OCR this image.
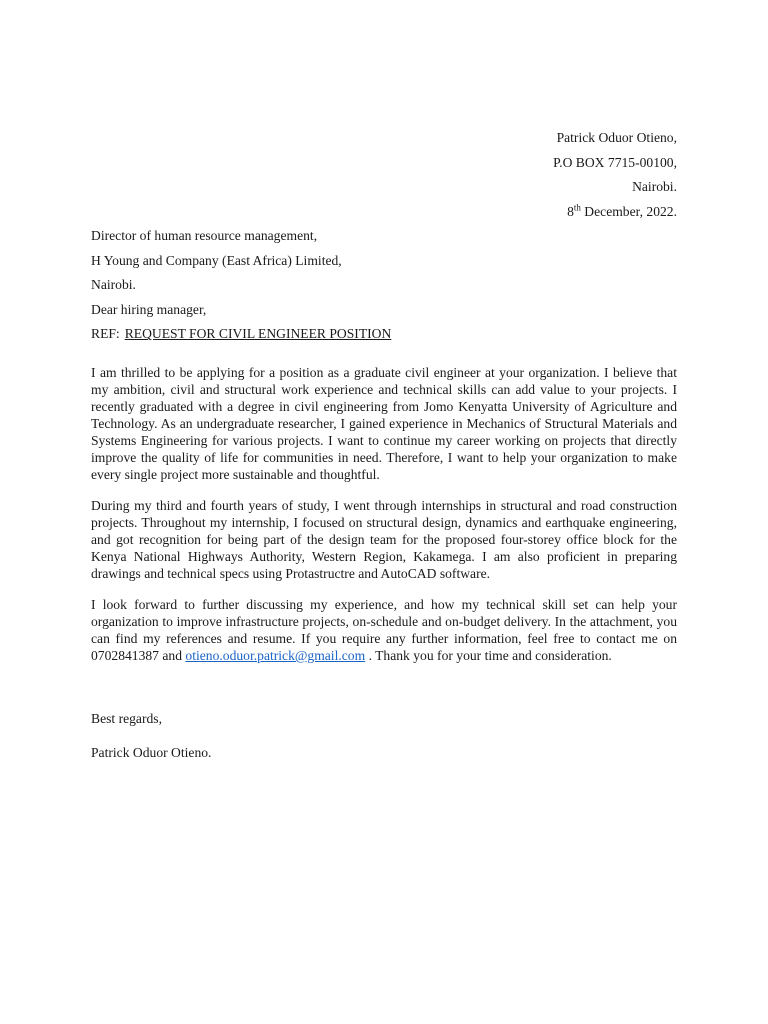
Patrick Oduor Otieno,
P.O BOX 7715-00100,
Nairobi.
8th December, 2022.
Director of human resource management,
H Young and Company (East Africa) Limited,
Nairobi.
Dear hiring manager,
REF: REQUEST FOR CIVIL ENGINEER POSITION

I am thrilled to be applying for a position as a graduate civil engineer at your organization. I believe that my ambition, civil and structural work experience and technical skills can add value to your projects. I recently graduated with a degree in civil engineering from Jomo Kenyatta University of Agriculture and Technology. As an undergraduate researcher, I gained experience in Mechanics of Structural Materials and Systems Engineering for various projects. I want to continue my career working on projects that directly improve the quality of life for communities in need. Therefore, I want to help your organization to make every single project more sustainable and thoughtful.

During my third and fourth years of study, I went through internships in structural and road construction projects. Throughout my internship, I focused on structural design, dynamics and earthquake engineering, and got recognition for being part of the design team for the proposed four-storey office block for the Kenya National Highways Authority, Western Region, Kakamega. I am also proficient in preparing drawings and technical specs using Protastructre and AutoCAD software.

I look forward to further discussing my experience, and how my technical skill set can help your organization to improve infrastructure projects, on-schedule and on-budget delivery. In the attachment, you can find my references and resume. If you require any further information, feel free to contact me on 0702841387 and otieno.oduor.patrick@gmail.com . Thank you for your time and consideration.

Best regards,
Patrick Oduor Otieno.
